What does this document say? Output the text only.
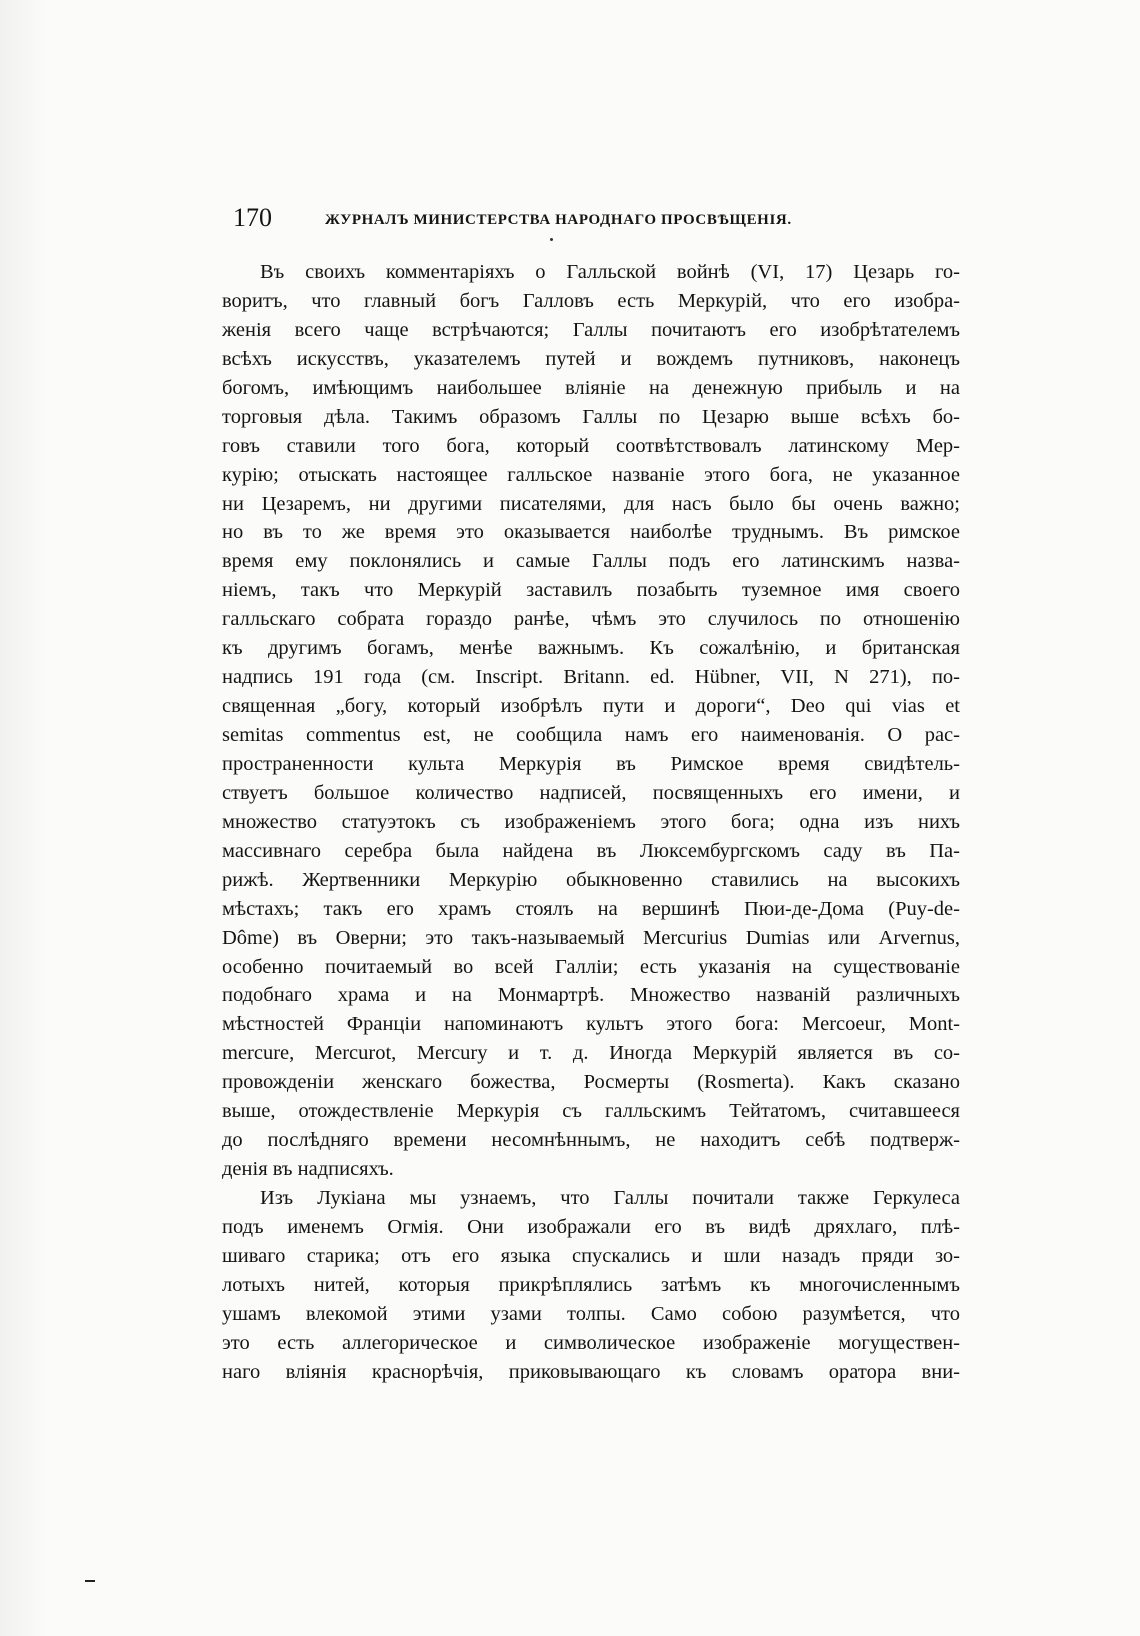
170	ЖУРНАЛЪ МИНИСТЕРСТВА НАРОДНАГО ПРОСВѢЩЕНІЯ.
Въ своихъ комментаріяхъ о Галльской войнѣ (VI, 17) Цезарь го-
воритъ, что главный богъ Галловъ есть Меркурій, что его изобра-
женія всего чаще встрѣчаются; Галлы почитаютъ его изобрѣтателемъ
всѣхъ искусствъ, указателемъ путей и вождемъ путниковъ, наконецъ
богомъ, имѣющимъ наибольшее вліяніе на денежную прибыль и на
торговыя дѣла. Такимъ образомъ Галлы по Цезарю выше всѣхъ бо-
говъ ставили того бога, который соотвѣтствовалъ латинскому Мер-
курію; отыскать настоящее галльское названіе этого бога, не указанное
ни Цезаремъ, ни другими писателями, для насъ было бы очень важно;
но въ то же время это оказывается наиболѣе труднымъ. Въ римское
время ему поклонялись и самые Галлы подъ его латинскимъ назва-
ніемъ, такъ что Меркурій заставилъ позабыть туземное имя своего
галльскаго собрата гораздо ранѣе, чѣмъ это случилось по отношенію
къ другимъ богамъ, менѣе важнымъ. Къ сожалѣнію, и британская
надпись 191 года (см. Inscript. Britann. ed. Hübner, VII, N 271), по-
священная „богу, который изобрѣлъ пути и дороги“, Deo qui vias et
semitas commentus est, не сообщила намъ его наименованія. О рас-
пространенности культа Меркурія въ Римское время свидѣтель-
ствуетъ большое количество надписей, посвященныхъ его имени, и
множество статуэтокъ съ изображеніемъ этого бога; одна изъ нихъ
массивнаго серебра была найдена въ Люксембургскомъ саду въ Па-
рижѣ. Жертвенники Меркурію обыкновенно ставились на высокихъ
мѣстахъ; такъ его храмъ стоялъ на вершинѣ Пюи-де-Дома (Puy-de-
Dôme) въ Оверни; это такъ-называемый Mercurius Dumias или Arvernus,
особенно почитаемый во всей Галліи; есть указанія на существованіе
подобнаго храма и на Монмартрѣ. Множество названій различныхъ
мѣстностей Франціи напоминаютъ культъ этого бога: Mercoeur, Mont-
mercure, Mercurot, Mercury и т. д. Иногда Меркурій является въ со-
провожденіи женскаго божества, Росмерты (Rosmerta). Какъ сказано
выше, отождествленіе Меркурія съ галльскимъ Тейтатомъ, считавшееся
до послѣдняго времени несомнѣннымъ, не находитъ себѣ подтверж-
денія въ надписяхъ.
Изъ Лукіана мы узнаемъ, что Галлы почитали также Геркулеса
подъ именемъ Огмія. Они изображали его въ видѣ дряхлаго, плѣ-
шиваго старика; отъ его языка спускались и шли назадъ пряди зо-
лотыхъ нитей, которыя прикрѣплялись затѣмъ къ многочисленнымъ
ушамъ влекомой этими узами толпы. Само собою разумѣется, что
это есть аллегорическое и символическое изображеніе могуществен-
наго вліянія краснорѣчія, приковывающаго къ словамъ оратора вни-
